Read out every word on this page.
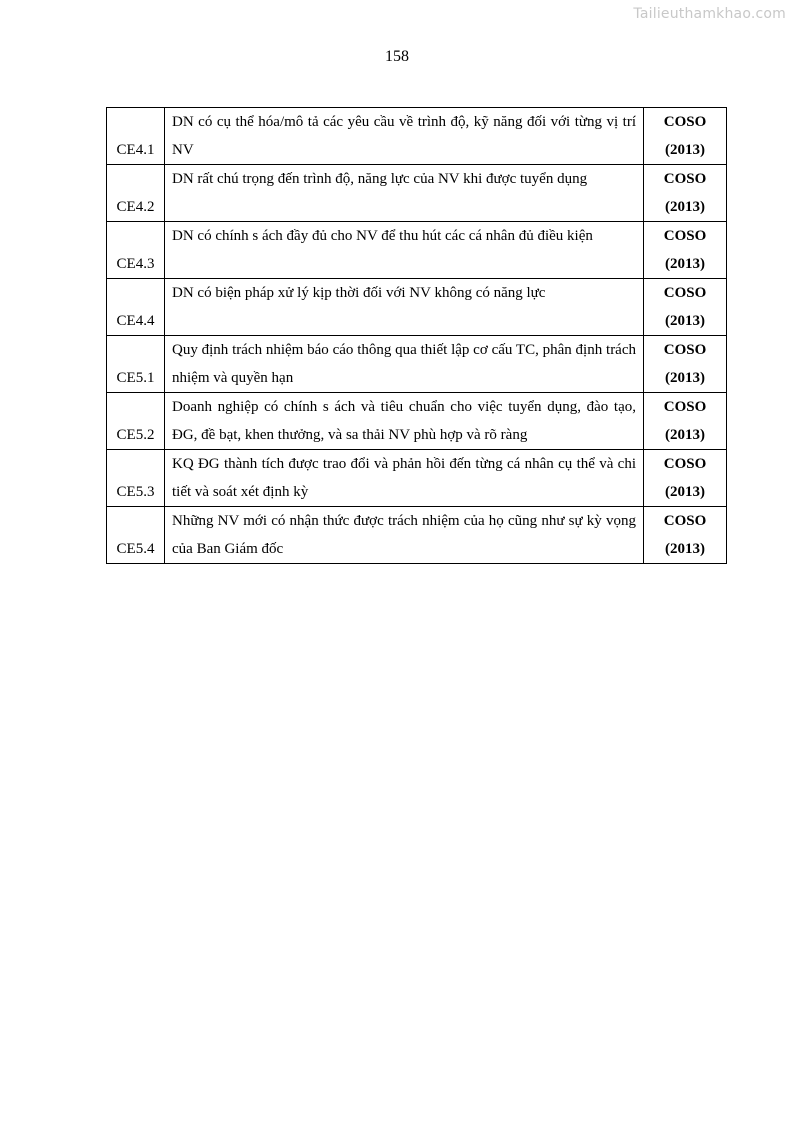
Tailieuthamkhao.com
158
CE4.1	DN có cụ thể hóa/mô tả các yêu cầu về trình độ, kỹ năng đối với từng vị trí NV	COSO
(2013)

CE4.2	DN rất chú trọng đến trình độ, năng lực của NV khi được tuyển dụng	COSO
(2013)

CE4.3	DN có chính s ách đầy đủ cho NV để thu hút các cá nhân đủ điều kiện	COSO
(2013)

CE4.4	DN có biện pháp xử lý kịp thời đối với NV không có năng lực	COSO
(2013)

CE5.1	Quy định trách nhiệm báo cáo thông qua thiết lập cơ cấu TC, phân định trách nhiệm và quyền hạn	COSO
(2013)

CE5.2	Doanh nghiệp có chính s ách và tiêu chuẩn cho việc tuyển dụng, đào tạo, ĐG, đề bạt, khen thưởng, và sa thải NV phù hợp và rõ ràng	COSO
(2013)

CE5.3	KQ ĐG thành tích được trao đổi và phản hồi đến từng cá nhân cụ thể và chi tiết và soát xét định kỳ	COSO
(2013)

CE5.4	Những NV mới có nhận thức được trách nhiệm của họ cũng như sự kỳ vọng của Ban Giám đốc	COSO
(2013)
